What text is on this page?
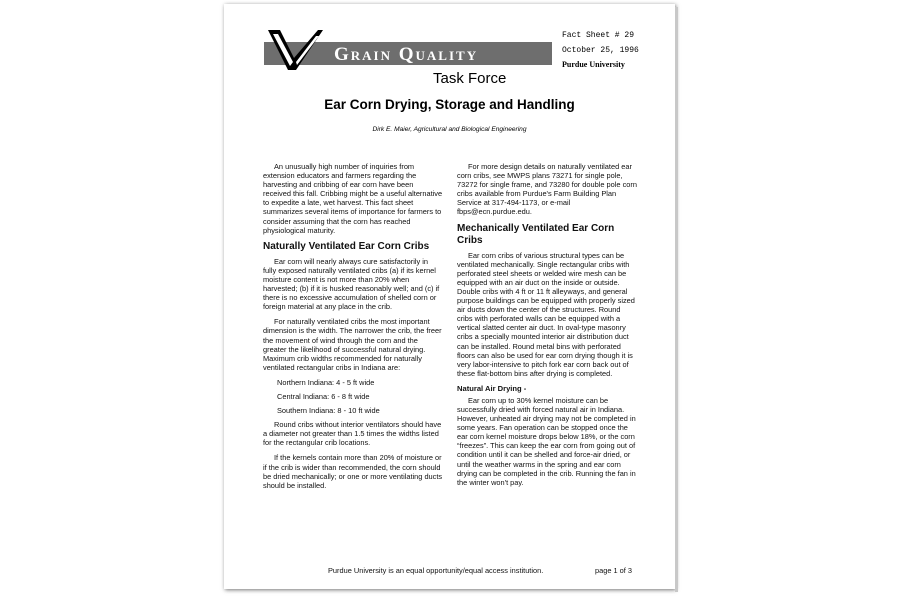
Grain Quality
Task Force
Fact Sheet # 29
October 25, 1996
Purdue University
Ear Corn Drying, Storage and Handling
Dirk E. Maier, Agricultural and Biological Engineering

An unusually high number of inquiries from extension educators and farmers regarding the harvesting and cribbing of ear corn have been received this fall. Cribbing might be a useful alternative to expedite a late, wet harvest. This fact sheet summarizes several items of importance for farmers to consider assuming that the corn has reached physiological maturity.

Naturally Ventilated Ear Corn Cribs

Ear corn will nearly always cure satisfactorily in fully exposed naturally ventilated cribs (a) if its kernel moisture content is not more than 20% when harvested; (b) if it is husked reasonably well; and (c) if there is no excessive accumulation of shelled corn or foreign material at any place in the crib.

For naturally ventilated cribs the most important dimension is the width. The narrower the crib, the freer the movement of wind through the corn and the greater the likelihood of successful natural drying. Maximum crib widths recommended for naturally ventilated rectangular cribs in Indiana are:

Northern Indiana: 4 - 5 ft wide

Central Indiana: 6 - 8 ft wide

Southern Indiana: 8 - 10 ft wide

Round cribs without interior ventilators should have a diameter not greater than 1.5 times the widths listed for the rectangular crib locations.

If the kernels contain more than 20% of moisture or if the crib is wider than recommended, the corn should be dried mechanically; or one or more ventilating ducts should be installed.

For more design details on naturally ventilated ear corn cribs, see MWPS plans 73271 for single pole, 73272 for single frame, and 73280 for double pole corn cribs available from Purdue's Farm Building Plan Service at 317-494-1173, or e-mail fbps@ecn.purdue.edu.

Mechanically Ventilated Ear Corn Cribs

Ear corn cribs of various structural types can be ventilated mechanically. Single rectangular cribs with perforated steel sheets or welded wire mesh can be equipped with an air duct on the inside or outside. Double cribs with 4 ft or 11 ft alleyways, and general purpose buildings can be equipped with properly sized air ducts down the center of the structures. Round cribs with perforated walls can be equipped with a vertical slatted center air duct. In oval-type masonry cribs a specially mounted interior air distribution duct can be installed. Round metal bins with perforated floors can also be used for ear corn drying though it is very labor-intensive to pitch fork ear corn back out of these flat-bottom bins after drying is completed.

Natural Air Drying -

Ear corn up to 30% kernel moisture can be successfully dried with forced natural air in Indiana. However, unheated air drying may not be completed in some years. Fan operation can be stopped once the ear corn kernel moisture drops below 18%, or the corn “freezes”. This can keep the ear corn from going out of condition until it can be shelled and force-air dried, or until the weather warms in the spring and ear corn drying can be completed in the crib. Running the fan in the winter won't pay.

Purdue University is an equal opportunity/equal access institution.	page 1 of 3
